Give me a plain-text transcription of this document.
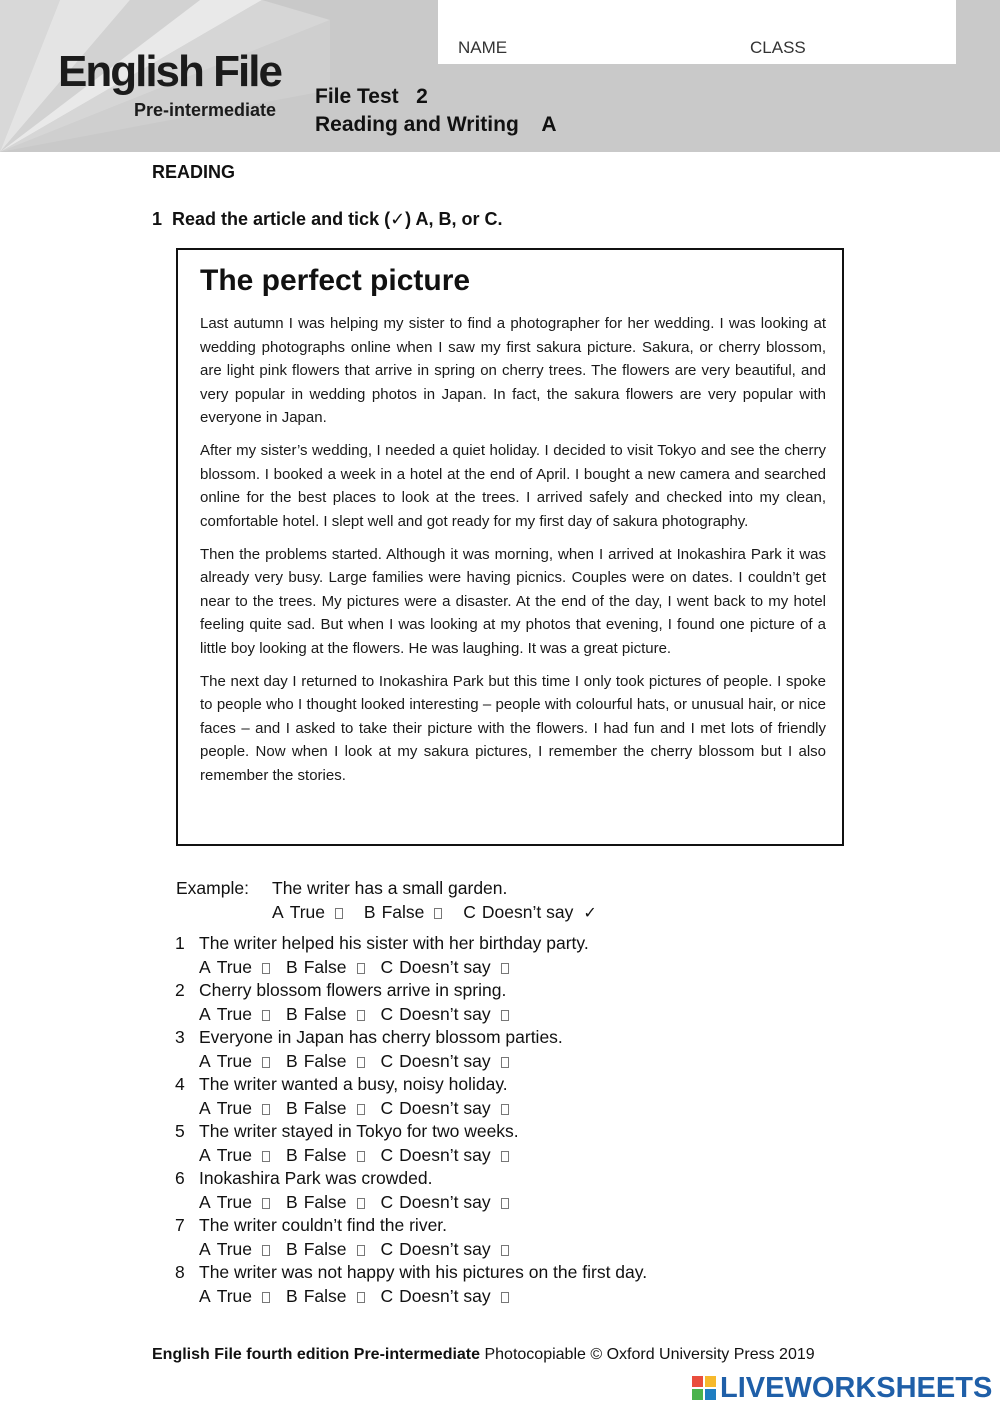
English File
Pre-intermediate
NAME	CLASS
File Test   2
Reading and Writing    A
READING
1  Read the article and tick (✓) A, B, or C.
The perfect picture

Last autumn I was helping my sister to find a photographer for her wedding. I was looking at wedding photographs online when I saw my first sakura picture. Sakura, or cherry blossom, are light pink flowers that arrive in spring on cherry trees. The flowers are very beautiful, and very popular in wedding photos in Japan. In fact, the sakura flowers are very popular with everyone in Japan.

After my sister’s wedding, I needed a quiet holiday. I decided to visit Tokyo and see the cherry blossom. I booked a week in a hotel at the end of April. I bought a new camera and searched online for the best places to look at the trees. I arrived safely and checked into my clean, comfortable hotel. I slept well and got ready for my first day of sakura photography.

Then the problems started. Although it was morning, when I arrived at Inokashira Park it was already very busy. Large families were having picnics. Couples were on dates. I couldn’t get near to the trees. My pictures were a disaster. At the end of the day, I went back to my hotel feeling quite sad. But when I was looking at my photos that evening, I found one picture of a little boy looking at the flowers. He was laughing. It was a great picture.

The next day I returned to Inokashira Park but this time I only took pictures of people. I spoke to people who I thought looked interesting – people with colourful hats, or unusual hair, or nice faces – and I asked to take their picture with the flowers. I had fun and I met lots of friendly people. Now when I look at my sakura pictures, I remember the cherry blossom but I also remember the stories.

Example: The writer has a small garden.
A True B False C Doesn’t say ✓
1 The writer helped his sister with her birthday party.
A True B False C Doesn’t say
2 Cherry blossom flowers arrive in spring.
A True B False C Doesn’t say
3 Everyone in Japan has cherry blossom parties.
A True B False C Doesn’t say
4 The writer wanted a busy, noisy holiday.
A True B False C Doesn’t say
5 The writer stayed in Tokyo for two weeks.
A True B False C Doesn’t say
6 Inokashira Park was crowded.
A True B False C Doesn’t say
7 The writer couldn’t find the river.
A True B False C Doesn’t say
8 The writer was not happy with his pictures on the first day.
A True B False C Doesn’t say
English File fourth edition Pre-intermediate Photocopiable © Oxford University Press 2019
LIVEWORKSHEETS
